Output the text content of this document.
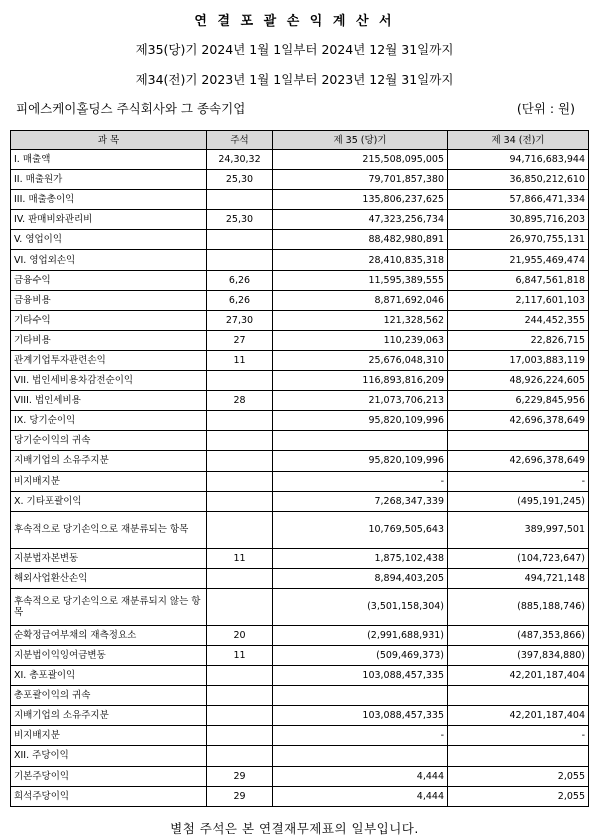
연 결 포 괄 손 익 계 산 서
제35(당)기 2024년 1월 1일부터 2024년 12월 31일까지
제34(전)기 2023년 1월 1일부터 2023년 12월 31일까지
피에스케이홀딩스 주식회사와 그 종속기업	(단위 : 원)
과 목	주석	제 35 (당)기	제 34 (전)기
I. 매출액	24,30,32	215,508,095,005	94,716,683,944
II. 매출원가	25,30	79,701,857,380	36,850,212,610
III. 매출총이익		135,806,237,625	57,866,471,334
IV. 판매비와관리비	25,30	47,323,256,734	30,895,716,203
V. 영업이익		88,482,980,891	26,970,755,131
VI. 영업외손익		28,410,835,318	21,955,469,474
금융수익	6,26	11,595,389,555	6,847,561,818
금융비용	6,26	8,871,692,046	2,117,601,103
기타수익	27,30	121,328,562	244,452,355
기타비용	27	110,239,063	22,826,715
관계기업투자관련손익	11	25,676,048,310	17,003,883,119
VII. 법인세비용차감전순이익		116,893,816,209	48,926,224,605
VIII. 법인세비용	28	21,073,706,213	6,229,845,956
IX. 당기순이익		95,820,109,996	42,696,378,649
당기순이익의 귀속			
지배기업의 소유주지분		95,820,109,996	42,696,378,649
비지배지분		-	-
X. 기타포괄이익		7,268,347,339	(495,191,245)
후속적으로 당기손익으로 재분류되는 항목		10,769,505,643	389,997,501
지분법자본변동	11	1,875,102,438	(104,723,647)
해외사업환산손익		8,894,403,205	494,721,148
후속적으로 당기손익으로 재분류되지 않는 항목		(3,501,158,304)	(885,188,746)
순확정급여부채의 재측정요소	20	(2,991,688,931)	(487,353,866)
지분법이익잉여금변동	11	(509,469,373)	(397,834,880)
XI. 총포괄이익		103,088,457,335	42,201,187,404
총포괄이익의 귀속			
지배기업의 소유주지분		103,088,457,335	42,201,187,404
비지배지분		-	-
XII. 주당이익			
기본주당이익	29	4,444	2,055
희석주당이익	29	4,444	2,055
별첨 주석은 본 연결재무제표의 일부입니다.
